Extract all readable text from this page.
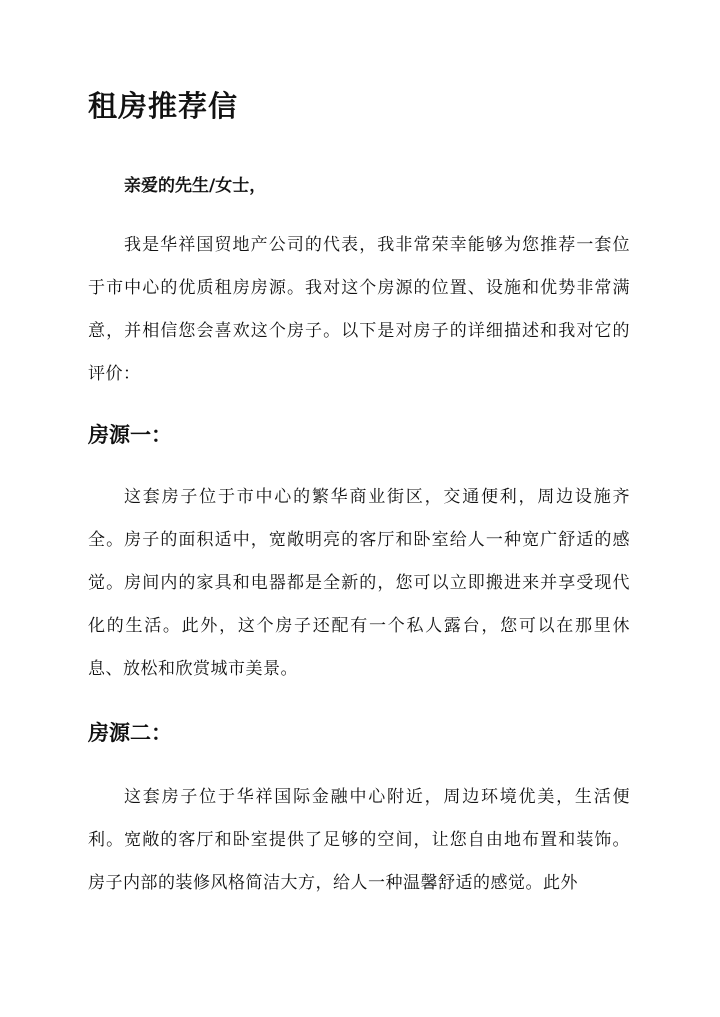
租房推荐信

亲爱的先生/女士，

我是华祥国贸地产公司的代表，我非常荣幸能够为您推荐一套位于市中心的优质租房房源。我对这个房源的位置、设施和优势非常满意，并相信您会喜欢这个房子。以下是对房子的详细描述和我对它的评价：

房源一：

这套房子位于市中心的繁华商业街区，交通便利，周边设施齐全。房子的面积适中，宽敞明亮的客厅和卧室给人一种宽广舒适的感觉。房间内的家具和电器都是全新的，您可以立即搬进来并享受现代化的生活。此外，这个房子还配有一个私人露台，您可以在那里休息、放松和欣赏城市美景。

房源二：

这套房子位于华祥国际金融中心附近，周边环境优美，生活便利。宽敞的客厅和卧室提供了足够的空间，让您自由地布置和装饰。房子内部的装修风格简洁大方，给人一种温馨舒适的感觉。此外
